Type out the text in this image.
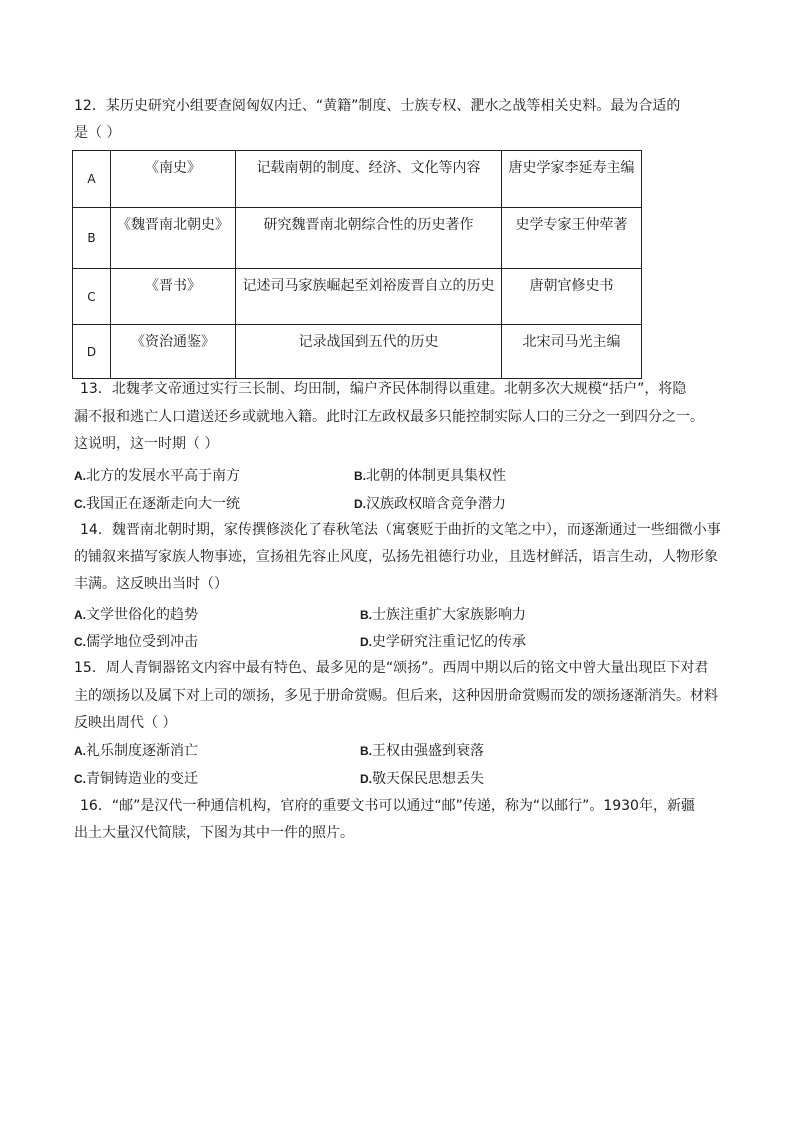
12．某历史研究小组要查阅匈奴内迁、“黄籍”制度、士族专权、淝水之战等相关史料。最为合适的
是（ ）
A	《南史》	记载南朝的制度、经济、文化等内容	唐史学家李延寿主编
B	《魏晋南北朝史》	研究魏晋南北朝综合性的历史著作	史学专家王仲荦著
C	《晋书》	记述司马家族崛起至刘裕废晋自立的历史	唐朝官修史书
D	《资治通鉴》	记录战国到五代的历史	北宋司马光主编
13．北魏孝文帝通过实行三长制、均田制，编户齐民体制得以重建。北朝多次大规模“括户”，将隐
漏不报和逃亡人口遣送还乡或就地入籍。此时江左政权最多只能控制实际人口的三分之一到四分之一。
这说明，这一时期（ ）
A.北方的发展水平高于南方	B.北朝的体制更具集权性
C.我国正在逐渐走向大一统	D.汉族政权暗含竞争潜力
14．魏晋南北朝时期，家传撰修淡化了春秋笔法（寓褒贬于曲折的文笔之中），而逐渐通过一些细微小事
的铺叙来描写家族人物事迹，宣扬祖先容止风度，弘扬先祖德行功业，且选材鲜活，语言生动，人物形象
丰满。这反映出当时（）
A.文学世俗化的趋势	B.士族注重扩大家族影响力
C.儒学地位受到冲击	D.史学研究注重记忆的传承
15．周人青铜器铭文内容中最有特色、最多见的是“颂扬”。西周中期以后的铭文中曾大量出现臣下对君
主的颂扬以及属下对上司的颂扬，多见于册命赏赐。但后来，这种因册命赏赐而发的颂扬逐渐消失。材料
反映出周代（ ）
A.礼乐制度逐渐消亡	B.王权由强盛到衰落
C.青铜铸造业的变迁	D.敬天保民思想丢失
16．“邮”是汉代一种通信机构，官府的重要文书可以通过“邮”传递，称为“以邮行”。1930年，新疆
出土大量汉代简牍，下图为其中一件的照片。
